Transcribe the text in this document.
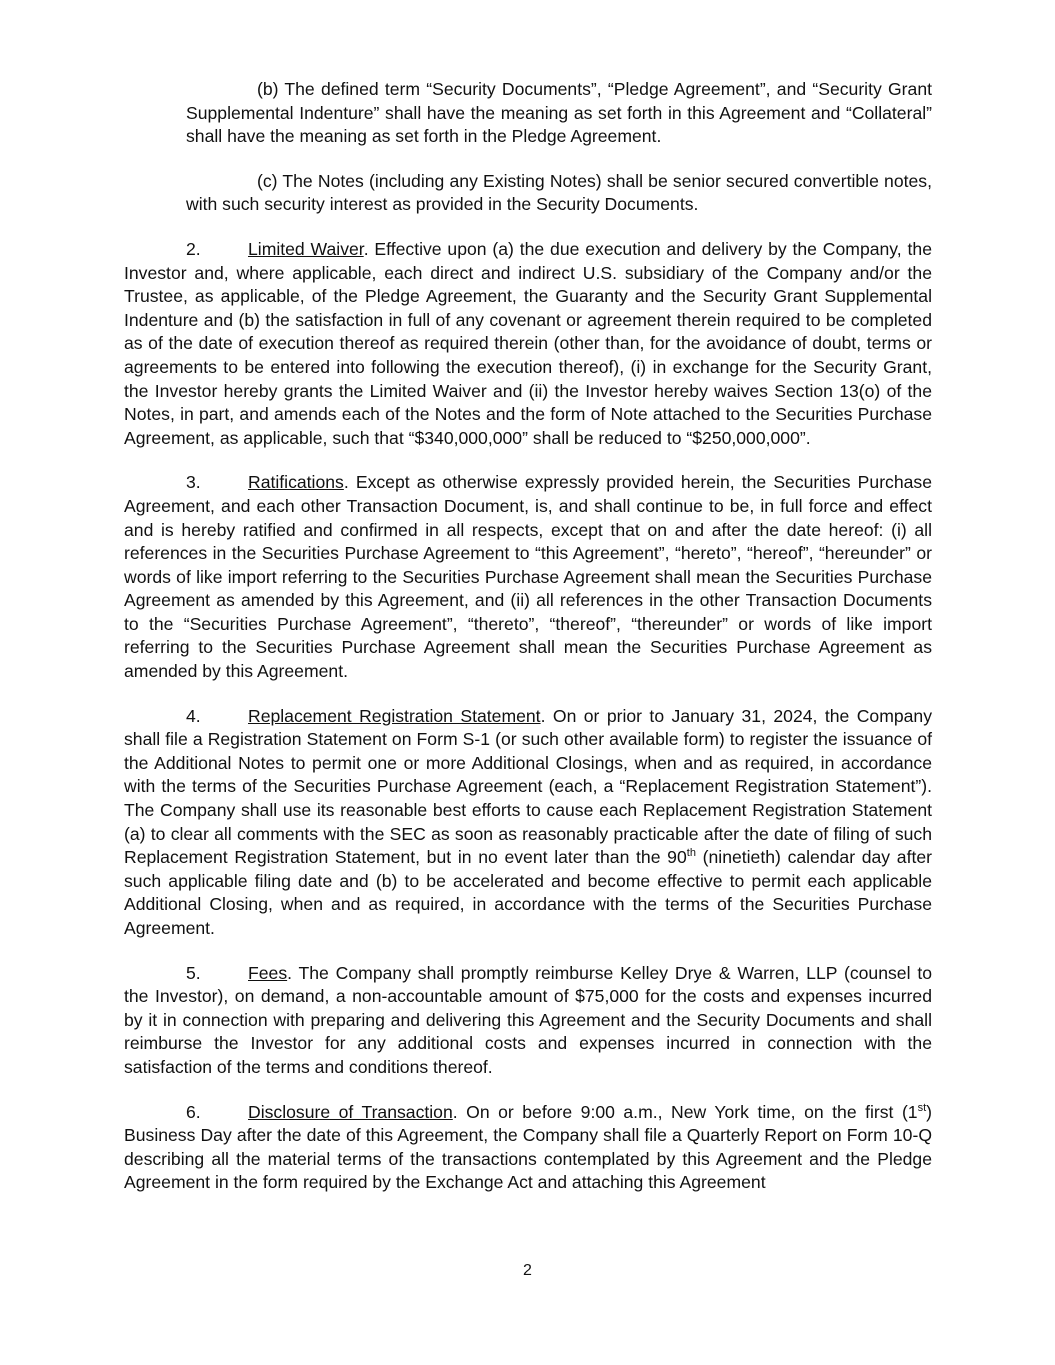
(b) The defined term “Security Documents”, “Pledge Agreement”, and “Security Grant Supplemental Indenture” shall have the meaning as set forth in this Agreement and “Collateral” shall have the meaning as set forth in the Pledge Agreement.

(c) The Notes (including any Existing Notes) shall be senior secured convertible notes, with such security interest as provided in the Security Documents.

2.	Limited Waiver. Effective upon (a) the due execution and delivery by the Company, the Investor and, where applicable, each direct and indirect U.S. subsidiary of the Company and/or the Trustee, as applicable, of the Pledge Agreement, the Guaranty and the Security Grant Supplemental Indenture and (b) the satisfaction in full of any covenant or agreement therein required to be completed as of the date of execution thereof as required therein (other than, for the avoidance of doubt, terms or agreements to be entered into following the execution thereof), (i) in exchange for the Security Grant, the Investor hereby grants the Limited Waiver and (ii) the Investor hereby waives Section 13(o) of the Notes, in part, and amends each of the Notes and the form of Note attached to the Securities Purchase Agreement, as applicable, such that “$340,000,000” shall be reduced to “$250,000,000”.

3.	Ratifications. Except as otherwise expressly provided herein, the Securities Purchase Agreement, and each other Transaction Document, is, and shall continue to be, in full force and effect and is hereby ratified and confirmed in all respects, except that on and after the date hereof: (i) all references in the Securities Purchase Agreement to “this Agreement”, “hereto”, “hereof”, “hereunder” or words of like import referring to the Securities Purchase Agreement shall mean the Securities Purchase Agreement as amended by this Agreement, and (ii) all references in the other Transaction Documents to the “Securities Purchase Agreement”, “thereto”, “thereof”, “thereunder” or words of like import referring to the Securities Purchase Agreement shall mean the Securities Purchase Agreement as amended by this Agreement.

4.	Replacement Registration Statement. On or prior to January 31, 2024, the Company shall file a Registration Statement on Form S-1 (or such other available form) to register the issuance of the Additional Notes to permit one or more Additional Closings, when and as required, in accordance with the terms of the Securities Purchase Agreement (each, a “Replacement Registration Statement”). The Company shall use its reasonable best efforts to cause each Replacement Registration Statement (a) to clear all comments with the SEC as soon as reasonably practicable after the date of filing of such Replacement Registration Statement, but in no event later than the 90th (ninetieth) calendar day after such applicable filing date and (b) to be accelerated and become effective to permit each applicable Additional Closing, when and as required, in accordance with the terms of the Securities Purchase Agreement.

5.	Fees. The Company shall promptly reimburse Kelley Drye & Warren, LLP (counsel to the Investor), on demand, a non-accountable amount of $75,000 for the costs and expenses incurred by it in connection with preparing and delivering this Agreement and the Security Documents and shall reimburse the Investor for any additional costs and expenses incurred in connection with the satisfaction of the terms and conditions thereof.

6.	Disclosure of Transaction. On or before 9:00 a.m., New York time, on the first (1st) Business Day after the date of this Agreement, the Company shall file a Quarterly Report on Form 10-Q describing all the material terms of the transactions contemplated by this Agreement and the Pledge Agreement in the form required by the Exchange Act and attaching this Agreement

2
